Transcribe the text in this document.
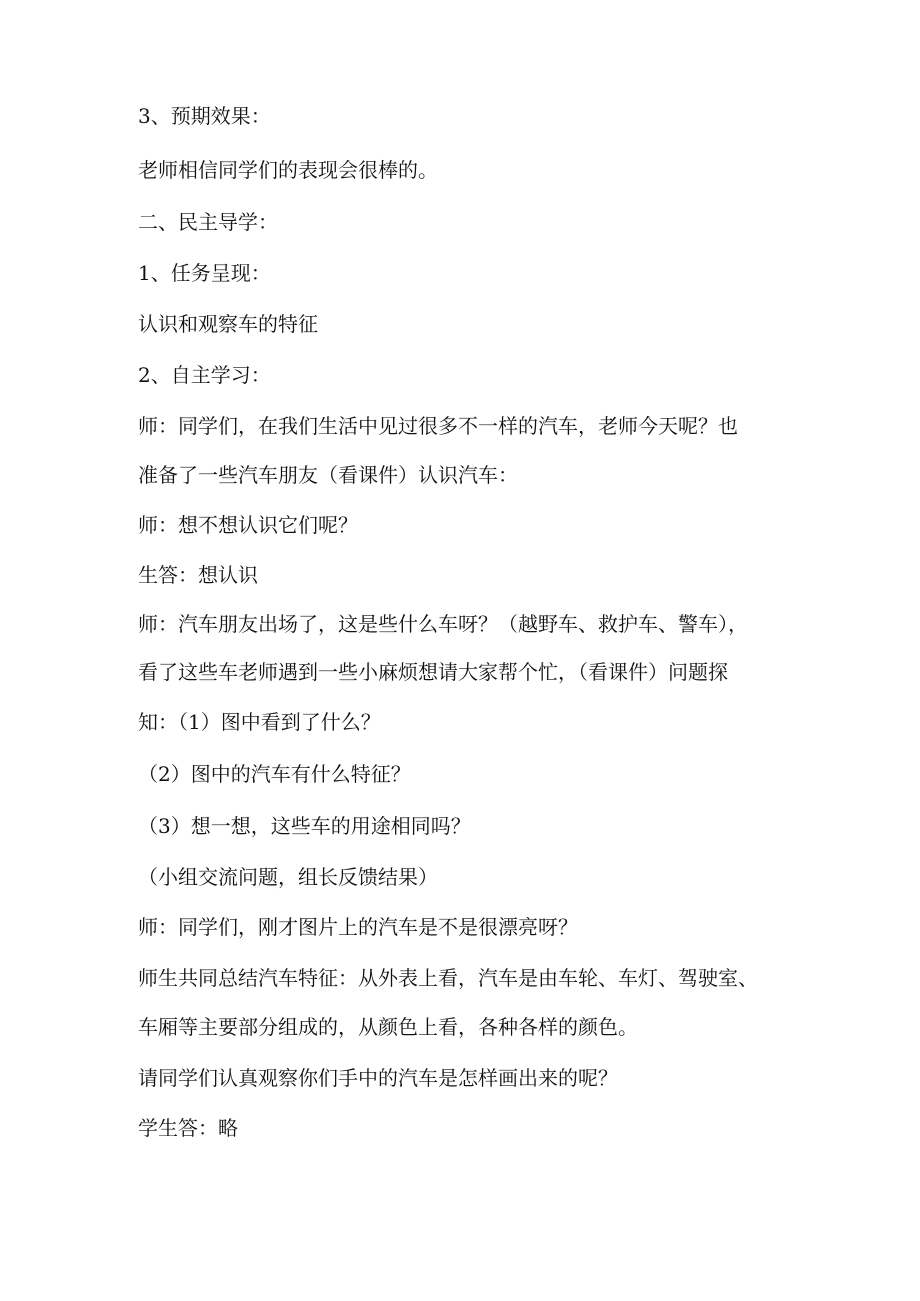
3、预期效果：
老师相信同学们的表现会很棒的。
二、民主导学：
1、任务呈现：
认识和观察车的特征
2、自主学习：
师：同学们，在我们生活中见过很多不一样的汽车，老师今天呢？也
准备了一些汽车朋友（看课件）认识汽车：
师：想不想认识它们呢？
生答：想认识
师：汽车朋友出场了，这是些什么车呀？（越野车、救护车、警车），
看了这些车老师遇到一些小麻烦想请大家帮个忙，（看课件）问题探
知：（1）图中看到了什么？
（2）图中的汽车有什么特征？
（3）想一想，这些车的用途相同吗？
（小组交流问题，组长反馈结果）
师：同学们，刚才图片上的汽车是不是很漂亮呀？
师生共同总结汽车特征：从外表上看，汽车是由车轮、车灯、驾驶室、
车厢等主要部分组成的，从颜色上看，各种各样的颜色。
请同学们认真观察你们手中的汽车是怎样画出来的呢？
学生答：略
